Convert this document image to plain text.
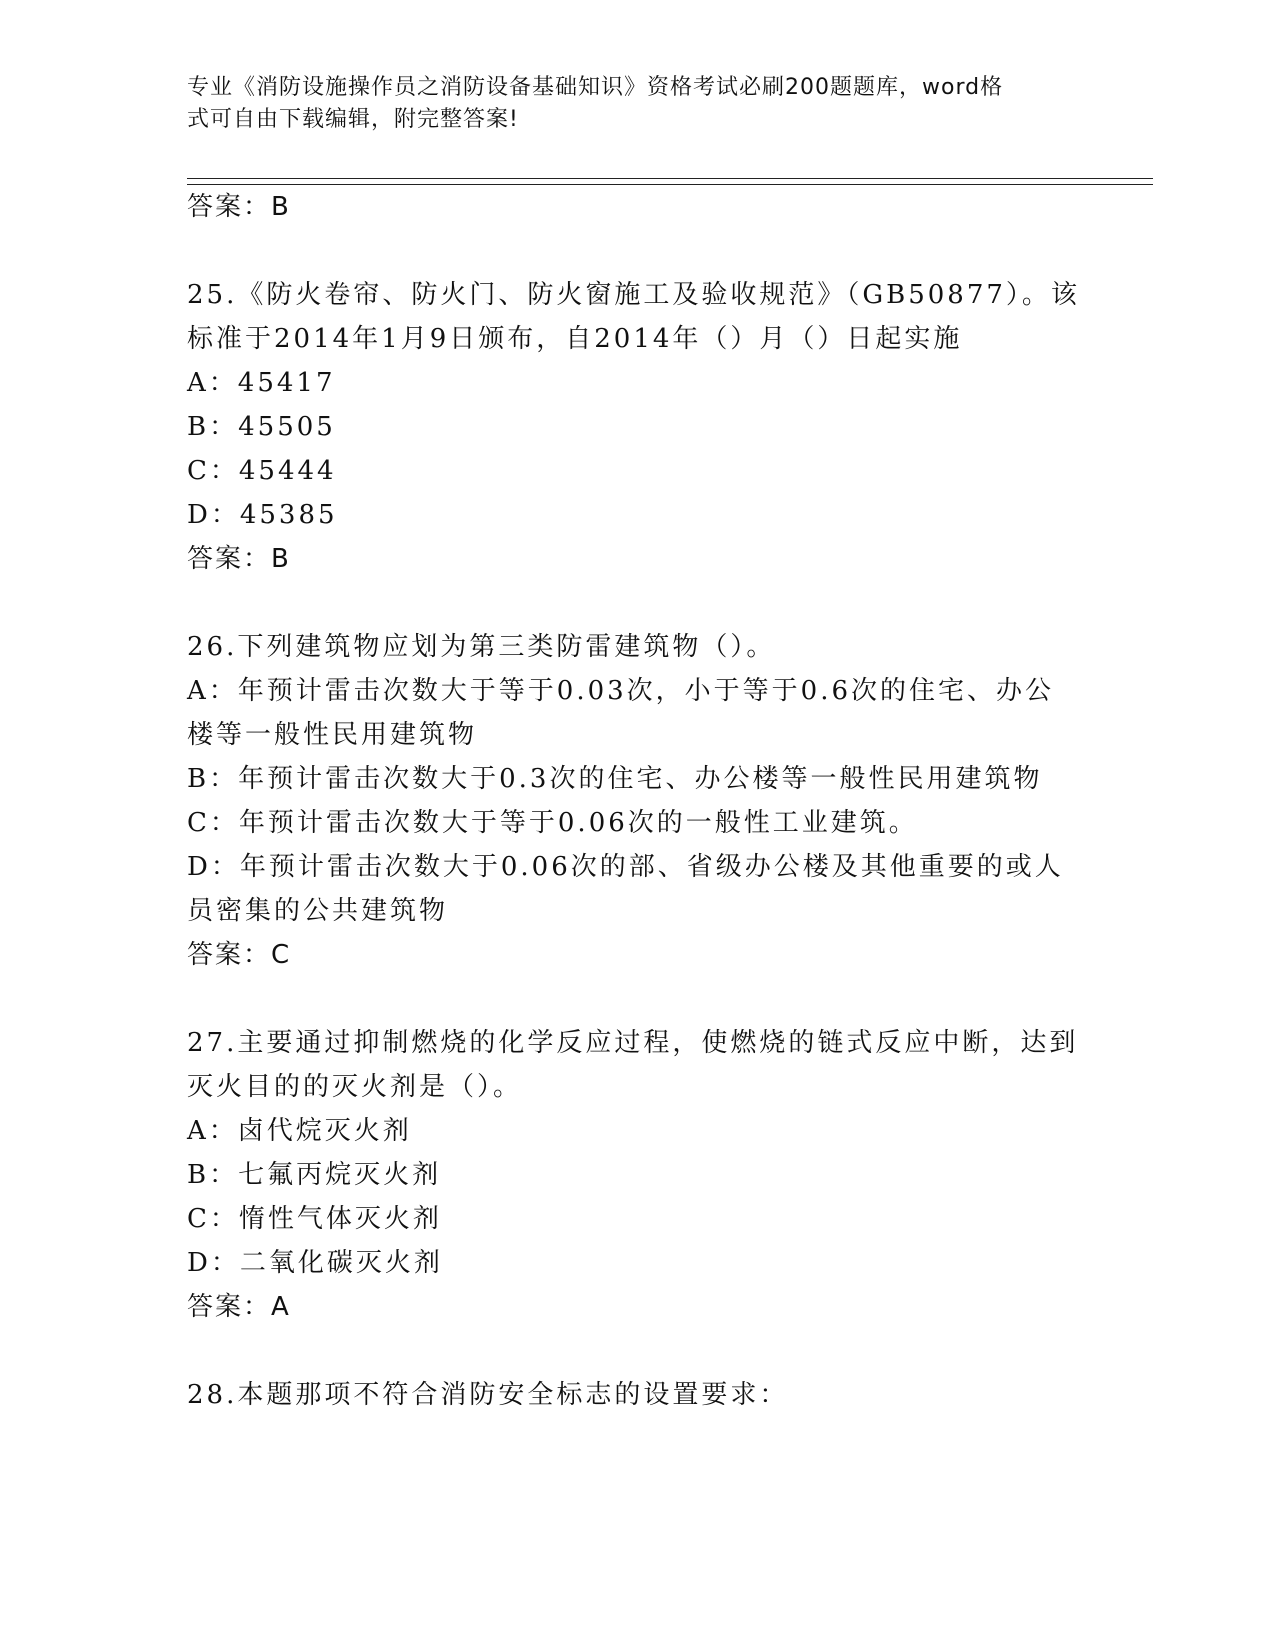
专业《消防设施操作员之消防设备基础知识》资格考试必刷200题题库，word格
式可自由下载编辑，附完整答案!
答案：B
25.《防火卷帘、防火门、防火窗施工及验收规范》（GB50877）。该
标准于2014年1月9日颁布，自2014年（）月（）日起实施
A：45417
B：45505
C：45444
D：45385
答案：B
26.下列建筑物应划为第三类防雷建筑物（）。
A：年预计雷击次数大于等于0.03次，小于等于0.6次的住宅、办公
楼等一般性民用建筑物
B：年预计雷击次数大于0.3次的住宅、办公楼等一般性民用建筑物
C：年预计雷击次数大于等于0.06次的一般性工业建筑。
D：年预计雷击次数大于0.06次的部、省级办公楼及其他重要的或人
员密集的公共建筑物
答案：C
27.主要通过抑制燃烧的化学反应过程，使燃烧的链式反应中断，达到
灭火目的的灭火剂是（）。
A：卤代烷灭火剂
B：七氟丙烷灭火剂
C：惰性气体灭火剂
D：二氧化碳灭火剂
答案：A
28.本题那项不符合消防安全标志的设置要求：
